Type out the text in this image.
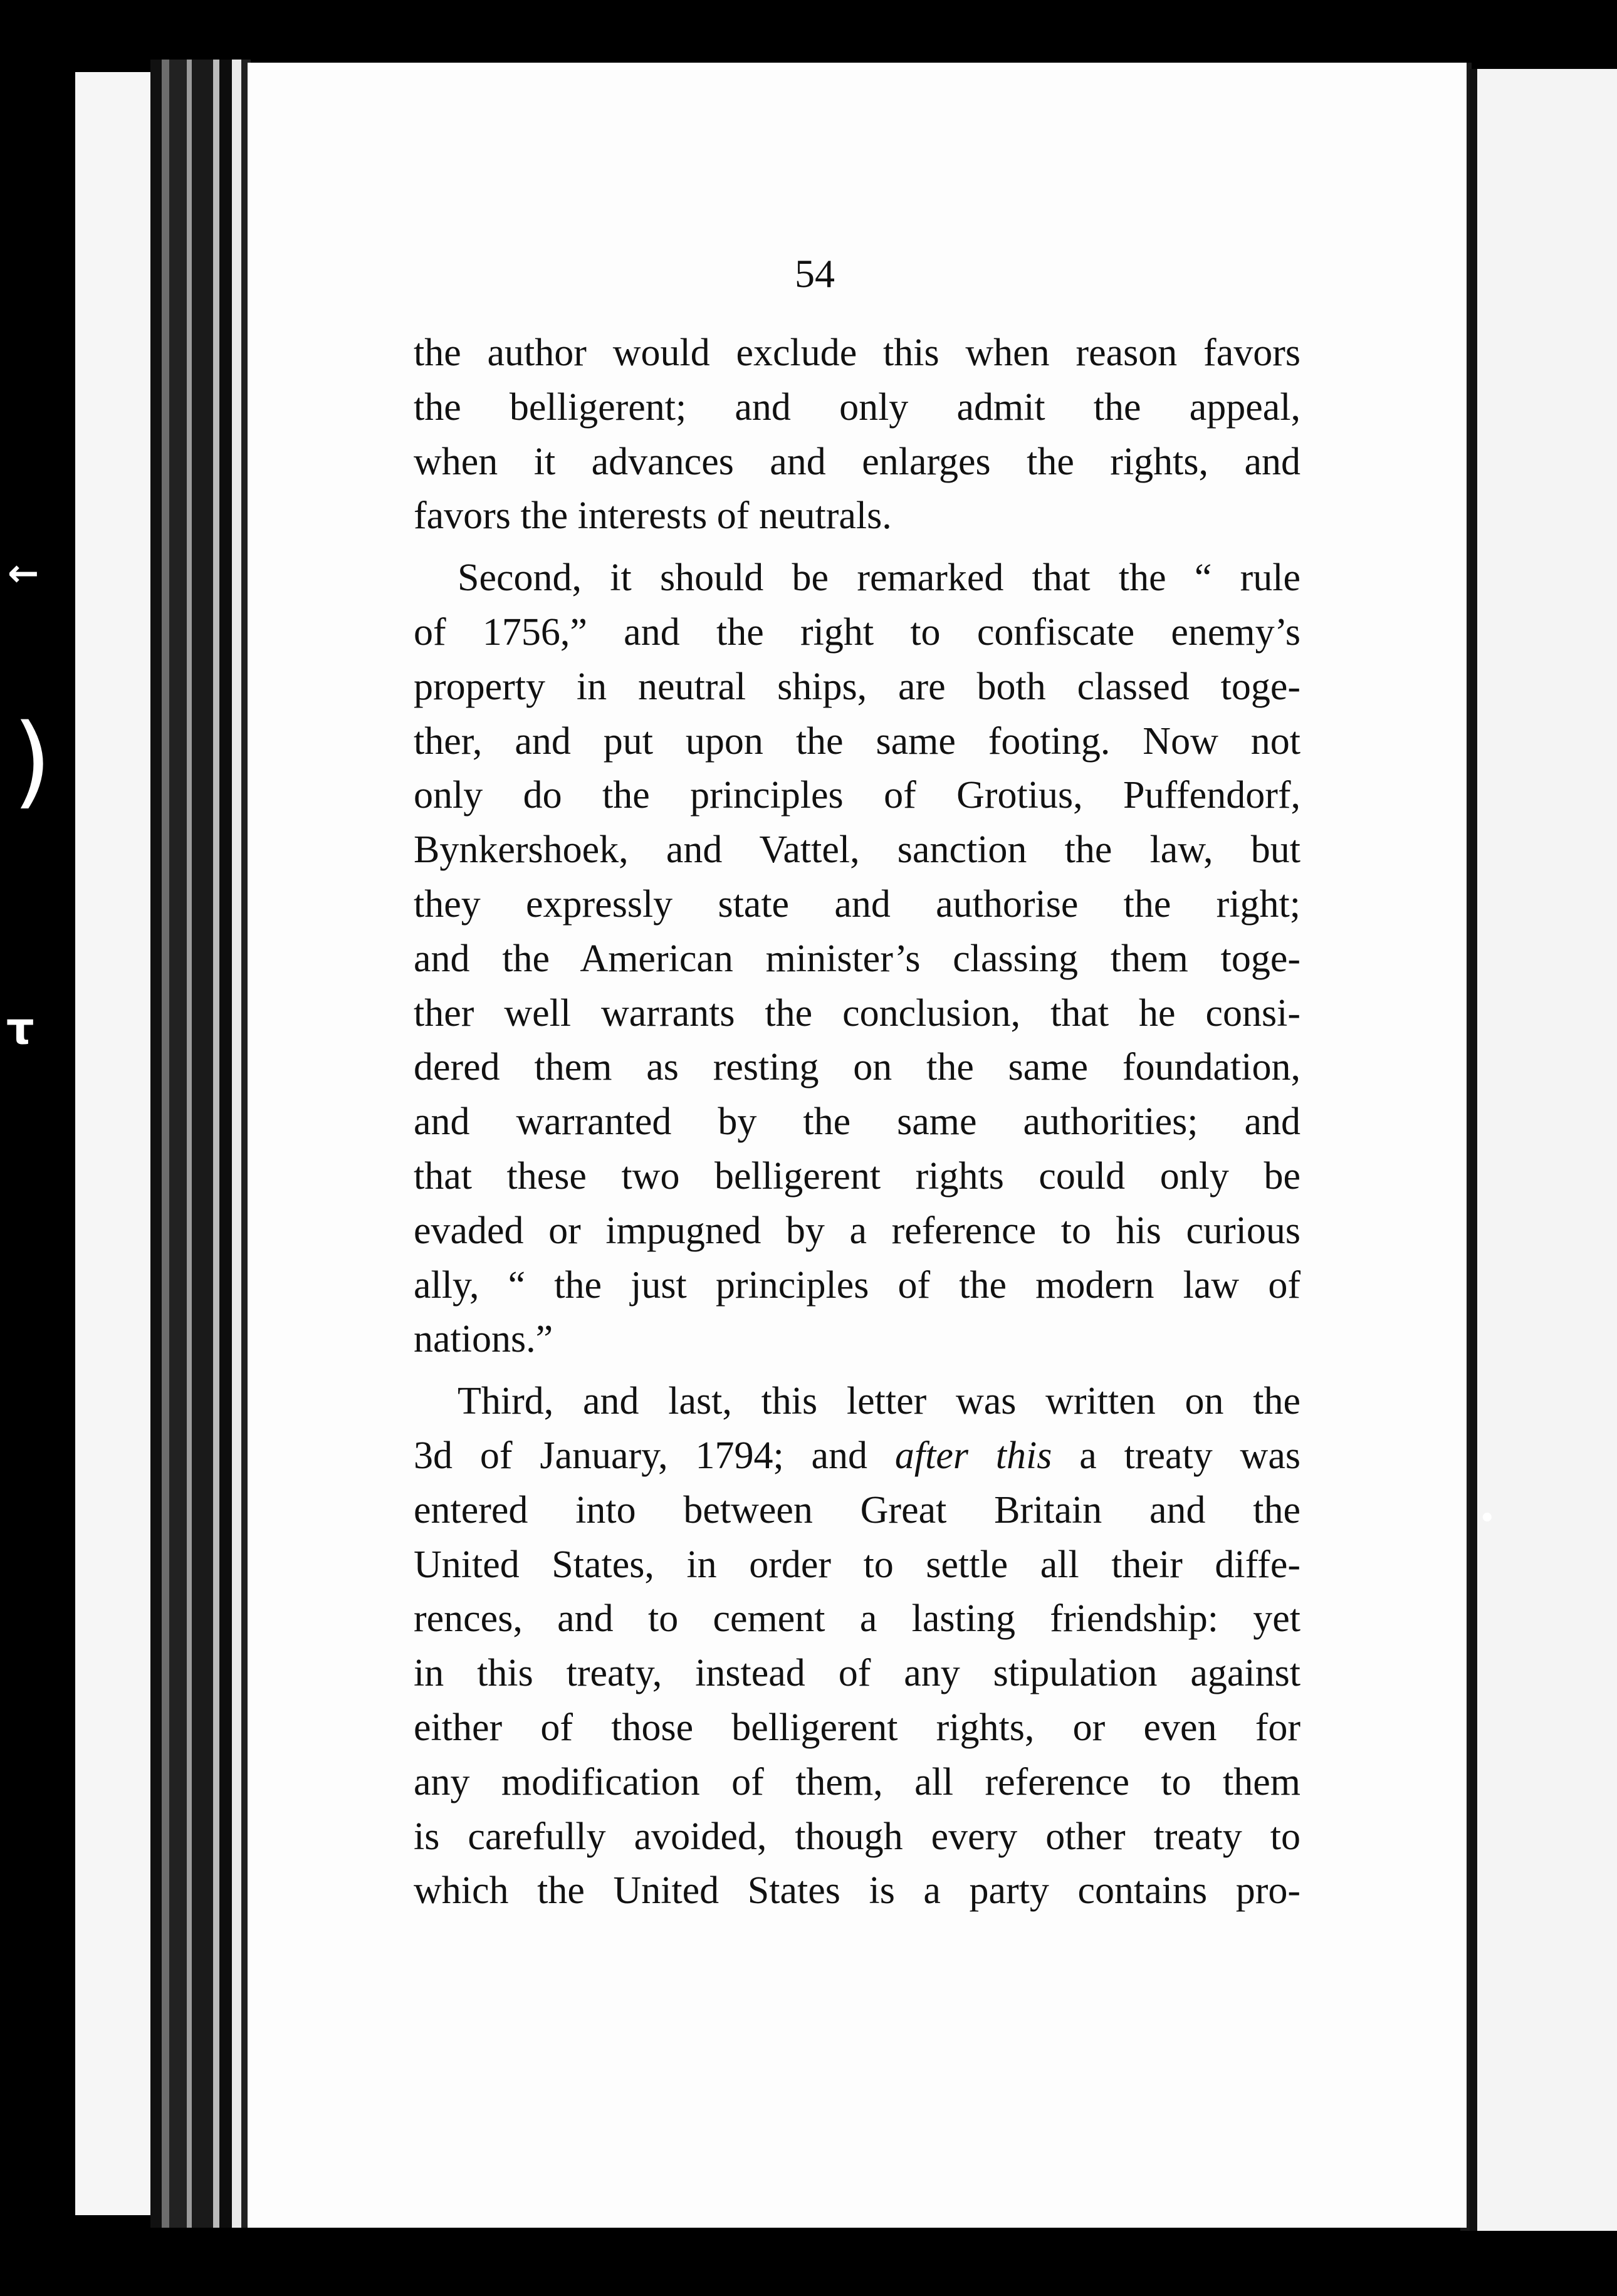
←
)
τ
•
54
the author would exclude this when reason favors
the belligerent; and only admit the appeal,
when it advances and enlarges the rights, and
favors the interests of neutrals.
Second, it should be remarked that the “ rule
of 1756,” and the right to confiscate enemy’s
property in neutral ships, are both classed toge-
ther, and put upon the same footing. Now not
only do the principles of Grotius, Puffendorf,
Bynkershoek, and Vattel, sanction the law, but
they expressly state and authorise the right;
and the American minister’s classing them toge-
ther well warrants the conclusion, that he consi-
dered them as resting on the same foundation,
and warranted by the same authorities; and
that these two belligerent rights could only be
evaded or impugned by a reference to his curious
ally, “ the just principles of the modern law of
nations.”
Third, and last, this letter was written on the
3d of January, 1794; and after this a treaty was
entered into between Great Britain and the
United States, in order to settle all their diffe-
rences, and to cement a lasting friendship: yet
in this treaty, instead of any stipulation against
either of those belligerent rights, or even for
any modification of them, all reference to them
is carefully avoided, though every other treaty to
which the United States is a party contains pro-
